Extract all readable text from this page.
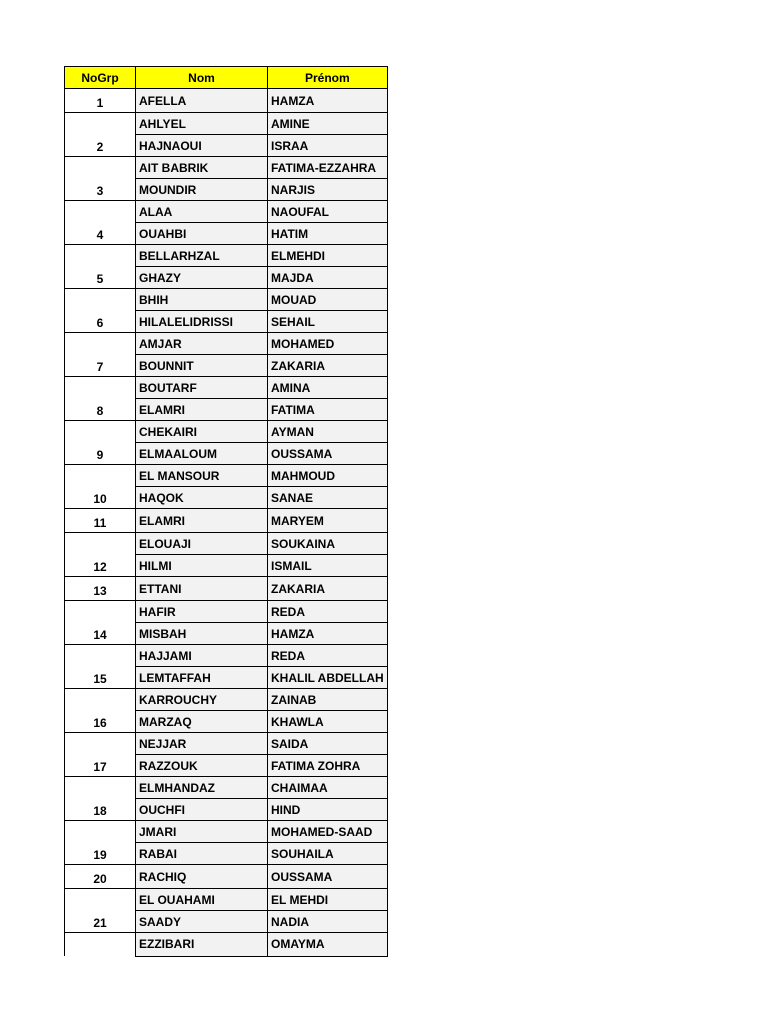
NoGrp	Nom	Prénom
1	AFELLA	HAMZA
2	AHLYEL	AMINE
	HAJNAOUI	ISRAA
3	AIT BABRIK	FATIMA-EZZAHRA
	MOUNDIR	NARJIS
4	ALAA	NAOUFAL
	OUAHBI	HATIM
5	BELLARHZAL	ELMEHDI
	GHAZY	MAJDA
6	BHIH	MOUAD
	HILALELIDRISSI	SEHAIL
7	AMJAR	MOHAMED
	BOUNNIT	ZAKARIA
8	BOUTARF	AMINA
	ELAMRI	FATIMA
9	CHEKAIRI	AYMAN
	ELMAALOUM	OUSSAMA
10	EL MANSOUR	MAHMOUD
	HAQOK	SANAE
11	ELAMRI	MARYEM
12	ELOUAJI	SOUKAINA
	HILMI	ISMAIL
13	ETTANI	ZAKARIA
14	HAFIR	REDA
	MISBAH	HAMZA
15	HAJJAMI	REDA
	LEMTAFFAH	KHALIL ABDELLAH
16	KARROUCHY	ZAINAB
	MARZAQ	KHAWLA
17	NEJJAR	SAIDA
	RAZZOUK	FATIMA ZOHRA
18	ELMHANDAZ	CHAIMAA
	OUCHFI	HIND
19	JMARI	MOHAMED-SAAD
	RABAI	SOUHAILA
20	RACHIQ	OUSSAMA
21	EL OUAHAMI	EL MEHDI
	SAADY	NADIA
	EZZIBARI	OMAYMA
